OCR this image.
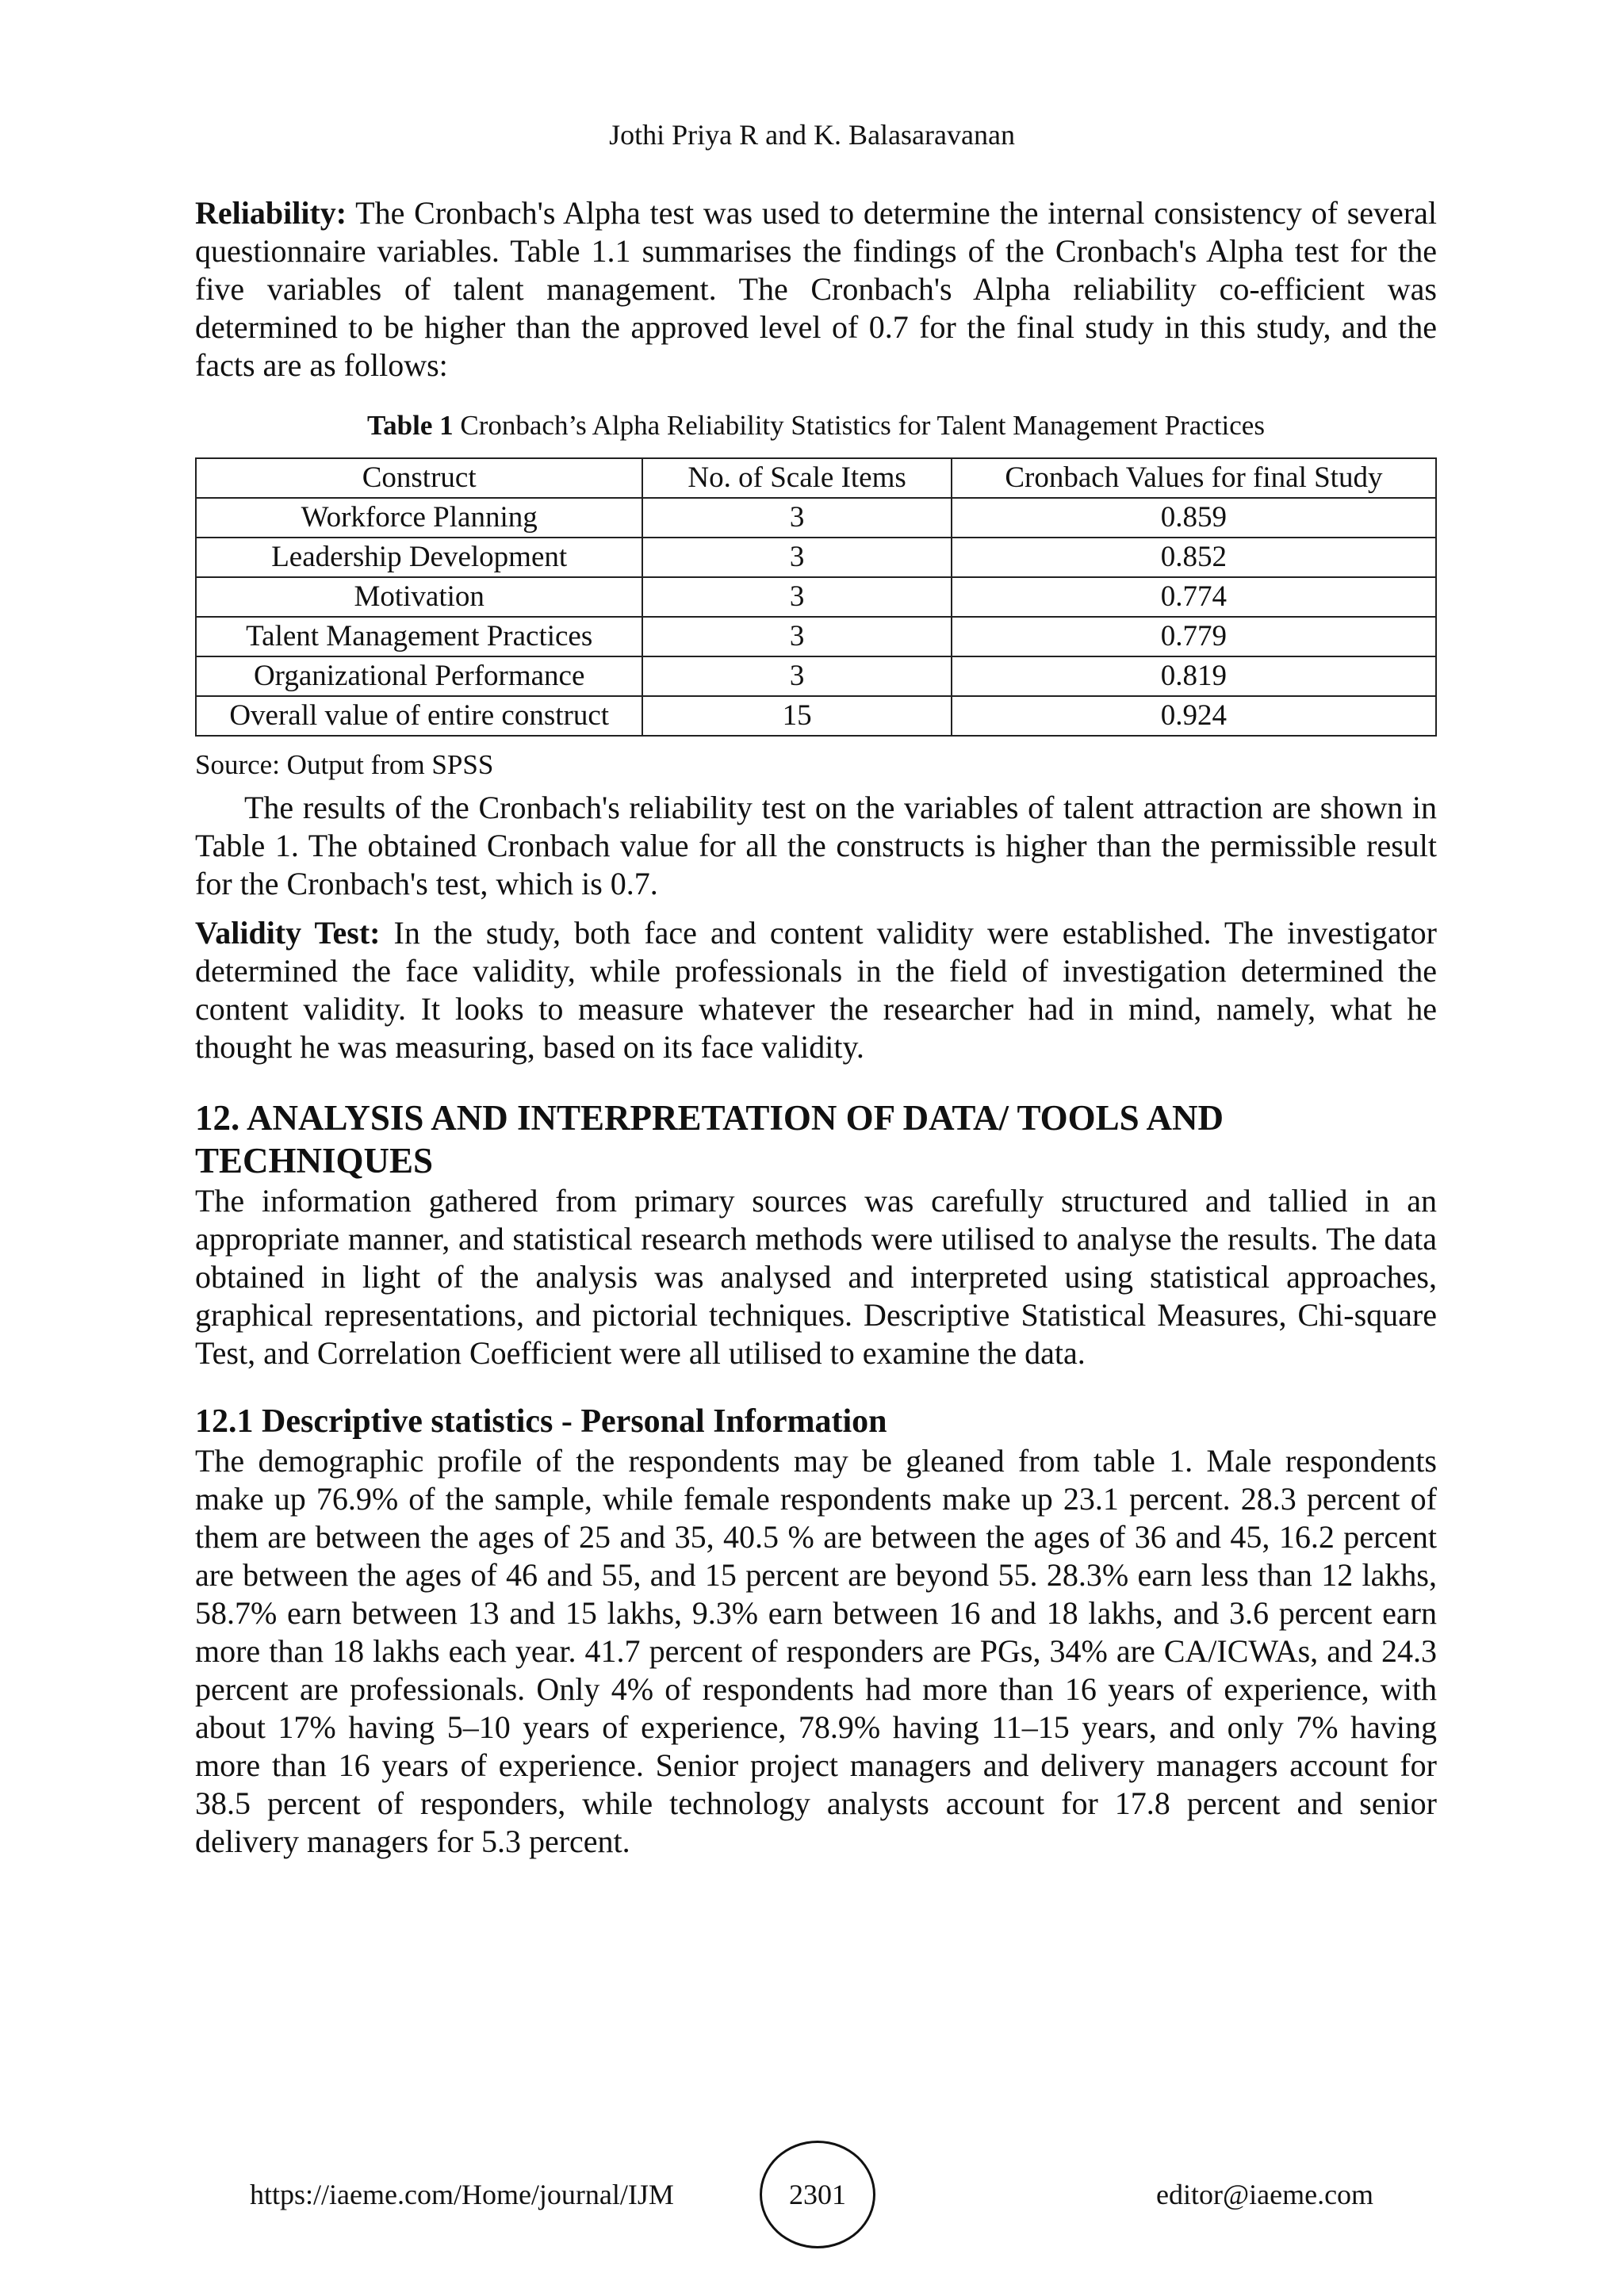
Jothi Priya R and K. Balasaravanan

Reliability: The Cronbach's Alpha test was used to determine the internal consistency of several questionnaire variables. Table 1.1 summarises the findings of the Cronbach's Alpha test for the five variables of talent management. The Cronbach's Alpha reliability co-efficient was determined to be higher than the approved level of 0.7 for the final study in this study, and the facts are as follows:

Table 1 Cronbach’s Alpha Reliability Statistics for Talent Management Practices
Construct	No. of Scale Items	Cronbach Values for final Study
Workforce Planning	3	0.859
Leadership Development	3	0.852
Motivation	3	0.774
Talent Management Practices	3	0.779
Organizational Performance	3	0.819
Overall value of entire construct	15	0.924
Source: Output from SPSS

The results of the Cronbach's reliability test on the variables of talent attraction are shown in Table 1. The obtained Cronbach value for all the constructs is higher than the permissible result for the Cronbach's test, which is 0.7.

Validity Test: In the study, both face and content validity were established. The investigator determined the face validity, while professionals in the field of investigation determined the content validity. It looks to measure whatever the researcher had in mind, namely, what he thought he was measuring, based on its face validity.

12. ANALYSIS AND INTERPRETATION OF DATA/ TOOLS AND TECHNIQUES

The information gathered from primary sources was carefully structured and tallied in an appropriate manner, and statistical research methods were utilised to analyse the results. The data obtained in light of the analysis was analysed and interpreted using statistical approaches, graphical representations, and pictorial techniques. Descriptive Statistical Measures, Chi-square Test, and Correlation Coefficient were all utilised to examine the data.

12.1 Descriptive statistics - Personal Information

The demographic profile of the respondents may be gleaned from table 1. Male respondents make up 76.9% of the sample, while female respondents make up 23.1 percent. 28.3 percent of them are between the ages of 25 and 35, 40.5 % are between the ages of 36 and 45, 16.2 percent are between the ages of 46 and 55, and 15 percent are beyond 55. 28.3% earn less than 12 lakhs, 58.7% earn between 13 and 15 lakhs, 9.3% earn between 16 and 18 lakhs, and 3.6 percent earn more than 18 lakhs each year. 41.7 percent of responders are PGs, 34% are CA/ICWAs, and 24.3 percent are professionals. Only 4% of respondents had more than 16 years of experience, with about 17% having 5–10 years of experience, 78.9% having 11–15 years, and only 7% having more than 16 years of experience. Senior project managers and delivery managers account for 38.5 percent of responders, while technology analysts account for 17.8 percent and senior delivery managers for 5.3 percent.

https://iaeme.com/Home/journal/IJM	2301	editor@iaeme.com
